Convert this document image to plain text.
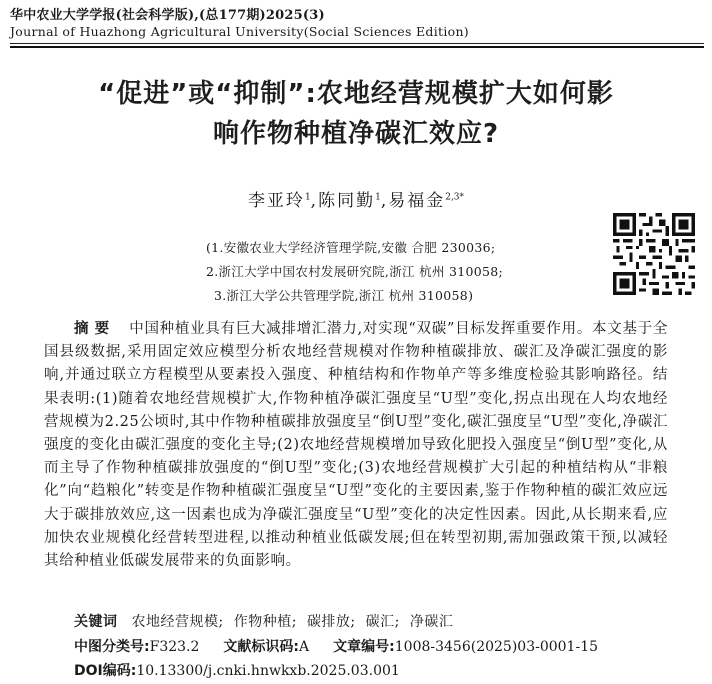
华中农业大学学报(社会科学版),(总177期)2025(3)
Journal of Huazhong Agricultural University(Social Sciences Edition)
“促进”或“抑制”:农地经营规模扩大如何影
响作物种植净碳汇效应?
李亚玲$^1$,陈同勤$^1$,易福金$^{2,3*}$
(1.安徽农业大学经济管理学院,安徽 合肥 230036;
2.浙江大学中国农村发展研究院,浙江 杭州 310058;
3.浙江大学公共管理学院,浙江 杭州 310058)
摘要 中国种植业具有巨大减排增汇潜力,对实现“双碳”目标发挥重要作用。本文基于全国县级数据,采用固定效应模型分析农地经营规模对作物种植碳排放、碳汇及净碳汇强度的影响,并通过联立方程模型从要素投入强度、种植结构和作物单产等多维度检验其影响路径。结果表明:(1)随着农地经营规模扩大,作物种植净碳汇强度呈“U型”变化,拐点出现在人均农地经营规模为2.25公顷时,其中作物种植碳排放强度呈“倒U型”变化,碳汇强度呈“U型”变化,净碳汇强度的变化由碳汇强度的变化主导;(2)农地经营规模增加导致化肥投入强度呈“倒U型”变化,从而主导了作物种植碳排放强度的“倒U型”变化;(3)农地经营规模扩大引起的种植结构从“非粮化”向“趋粮化”转变是作物种植碳汇强度呈“U型”变化的主要因素,鉴于作物种植的碳汇效应远大于碳排放效应,这一因素也成为净碳汇强度呈“U型”变化的决定性因素。因此,从长期来看,应加快农业规模化经营转型进程,以推动种植业低碳发展;但在转型初期,需加强政策干预,以减轻其给种植业低碳发展带来的负面影响。
关键词 农地经营规模; 作物种植; 碳排放; 碳汇; 净碳汇
中图分类号:F323.2 文献标识码:A 文章编号:1008-3456(2025)03-0001-15
DOI编码:10.13300/j.cnki.hnwkxb.2025.03.001
